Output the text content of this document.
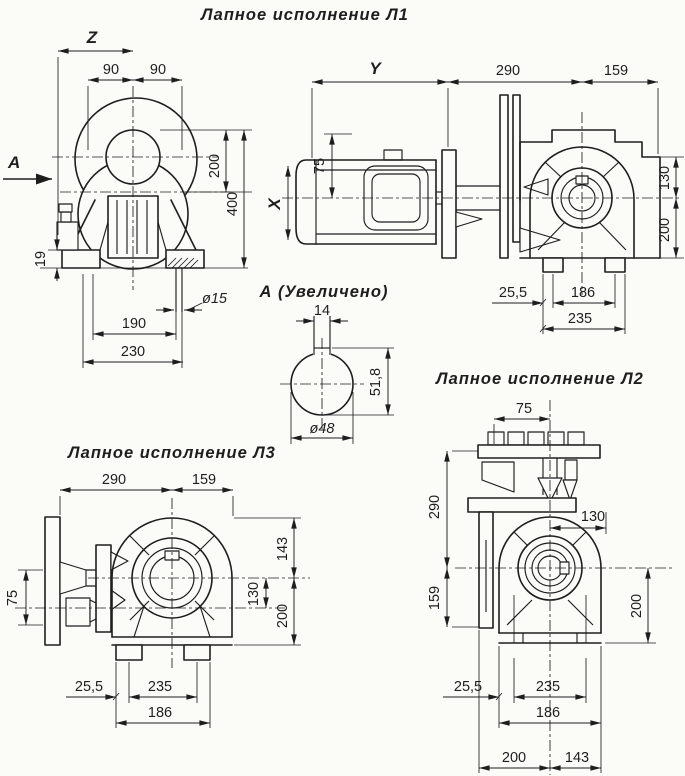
Лапное исполнение Л1
Z
90 90
200
400
19
ø15
190
230
А
Y	290	159
75
Х
130
200
25,5	186
235
А (Увеличено)
14
51,8
ø48
Лапное исполнение Л3
290	159
75
143
130
200
25,5	235
186
Лапное исполнение Л2
75
290
159
130
200
25,5	235
186
200	143
